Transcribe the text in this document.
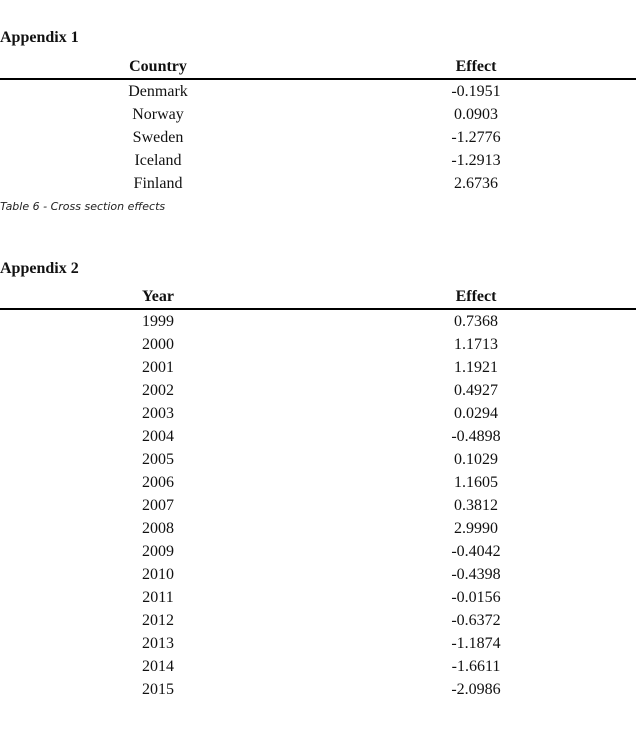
Appendix 1
Country	Effect
Denmark	-0.1951
Norway	0.0903
Sweden	-1.2776
Iceland	-1.2913
Finland	2.6736
Table 6 - Cross section effects
Appendix 2
Year	Effect
1999	0.7368
2000	1.1713
2001	1.1921
2002	0.4927
2003	0.0294
2004	-0.4898
2005	0.1029
2006	1.1605
2007	0.3812
2008	2.9990
2009	-0.4042
2010	-0.4398
2011	-0.0156
2012	-0.6372
2013	-1.1874
2014	-1.6611
2015	-2.0986
